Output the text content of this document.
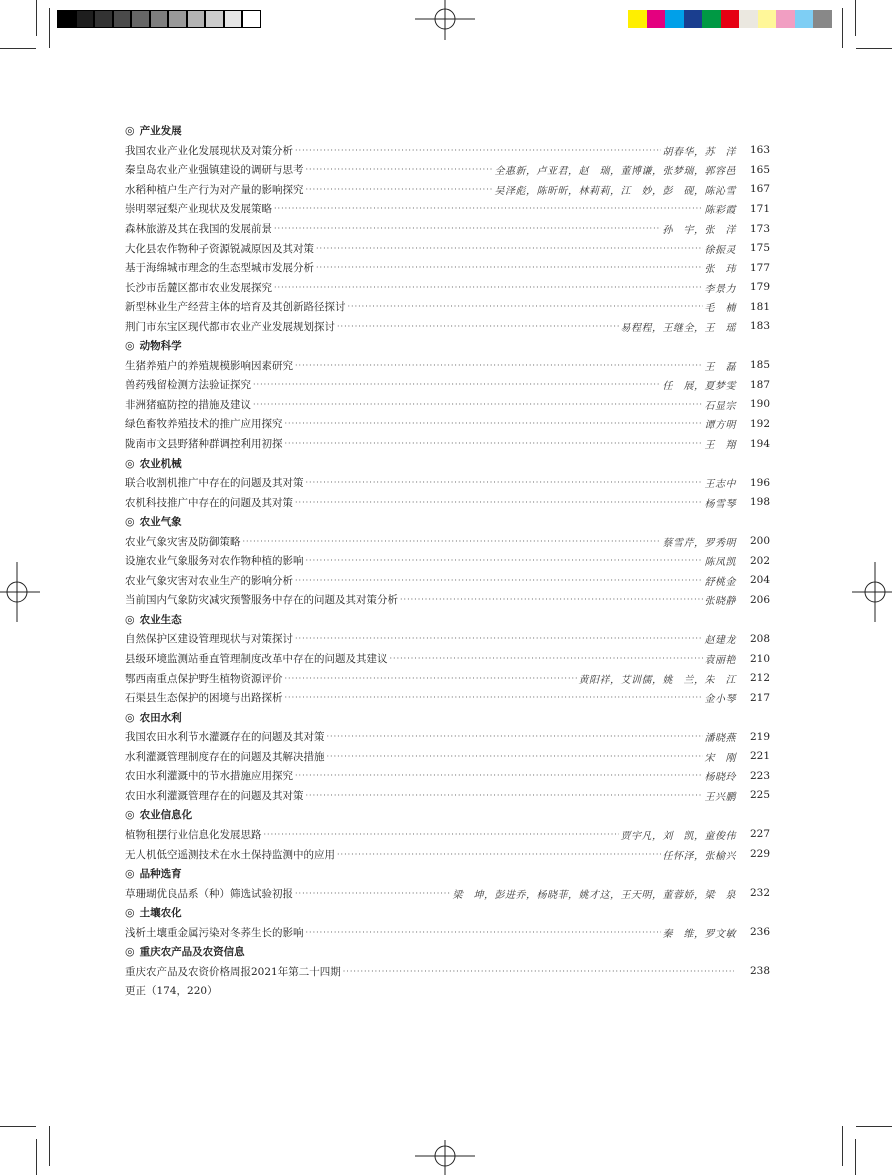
◎ 产业发展
我国农业产业化发展现状及对策分析 ·····	胡春华，苏　洋	163
秦皇岛农业产业强镇建设的调研与思考 ·····	全惠新，卢亚君，赵　瑞，董博谦，张梦瑞，郭容邑	165
水稻种植户生产行为对产量的影响探究 ·····	吴泽彪，陈昕昕，林莉莉，江　妙，彭　砚，陈沁雪	167
崇明翠冠梨产业现状及发展策略 ·····	陈彩霞	171
森林旅游及其在我国的发展前景 ·····	孙　宇，张　洋	173
大化县农作物种子资源锐减原因及其对策 ·····	徐振灵	175
基于海绵城市理念的生态型城市发展分析 ·····	张　玮	177
长沙市岳麓区都市农业发展探究 ·····	李景力	179
新型林业生产经营主体的培育及其创新路径探讨 ·····	毛　楠	181
荆门市东宝区现代都市农业产业发展规划探讨 ·····	易程程，王继全，王　瑶	183
◎ 动物科学
生猪养殖户的养殖规模影响因素研究 ·····	王　磊	185
兽药残留检测方法验证探究 ·····	任　展，夏梦雯	187
非洲猪瘟防控的措施及建议 ·····	石显宗	190
绿色畜牧养殖技术的推广应用探究 ·····	谭方明	192
陇南市文县野猪种群调控利用初探 ·····	王　翔	194
◎ 农业机械
联合收割机推广中存在的问题及其对策 ·····	王志中	196
农机科技推广中存在的问题及其对策 ·····	杨雪琴	198
◎ 农业气象
农业气象灾害及防御策略 ·····	蔡雪芹，罗秀明	200
设施农业气象服务对农作物种植的影响 ·····	陈凤凯	202
农业气象灾害对农业生产的影响分析 ·····	舒桃金	204
当前国内气象防灾减灾预警服务中存在的问题及其对策分析 ·····	张晓静	206
◎ 农业生态
自然保护区建设管理现状与对策探讨 ·····	赵建龙	208
县级环境监测站垂直管理制度改革中存在的问题及其建议 ·····	袁丽艳	210
鄂西南重点保护野生植物资源评价 ·····	黄阳祥，艾训儒，姚　兰，朱　江	212
石渠县生态保护的困境与出路探析 ·····	金小琴	217
◎ 农田水利
我国农田水利节水灌溉存在的问题及其对策 ·····	潘晓燕	219
水利灌溉管理制度存在的问题及其解决措施 ·····	宋　刚	221
农田水利灌溉中的节水措施应用探究 ·····	杨晓玲	223
农田水利灌溉管理存在的问题及其对策 ·····	王兴鹏	225
◎ 农业信息化
植物租摆行业信息化发展思路 ·····	贾宇凡，刘　凯，童俊伟	227
无人机低空遥测技术在水土保持监测中的应用 ·····	任怀泽，张榆兴	229
◎ 品种选育
草珊瑚优良品系（种）筛选试验初报 ·····	梁　坤，彭进乔，杨晓菲，姚才这，王天明，董蓉娇，梁　泉	232
◎ 土壤农化
浅析土壤重金属污染对冬荞生长的影响 ·····	秦　维，罗文敏	236
◎ 重庆农产品及农资信息
重庆农产品及农资价格周报2021年第二十四期 ·····	238
更正（174，220）
